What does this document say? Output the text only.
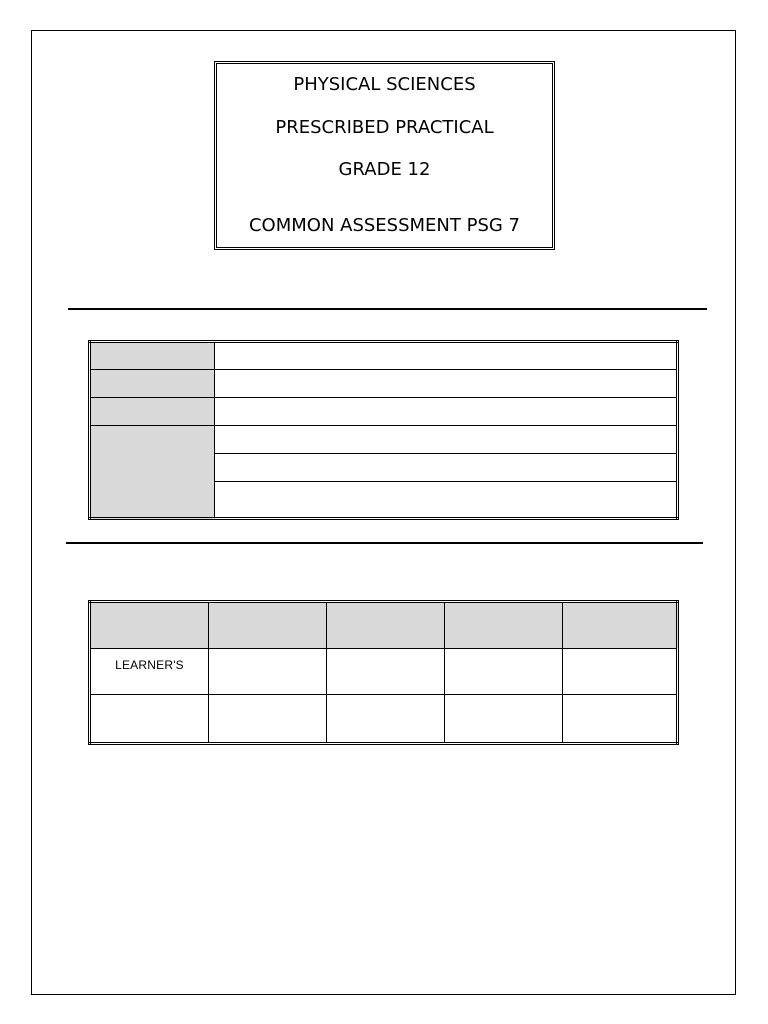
PHYSICAL SCIENCES
PRESCRIBED PRACTICAL
GRADE 12
COMMON ASSESSMENT PSG 7

LEARNER'S				
